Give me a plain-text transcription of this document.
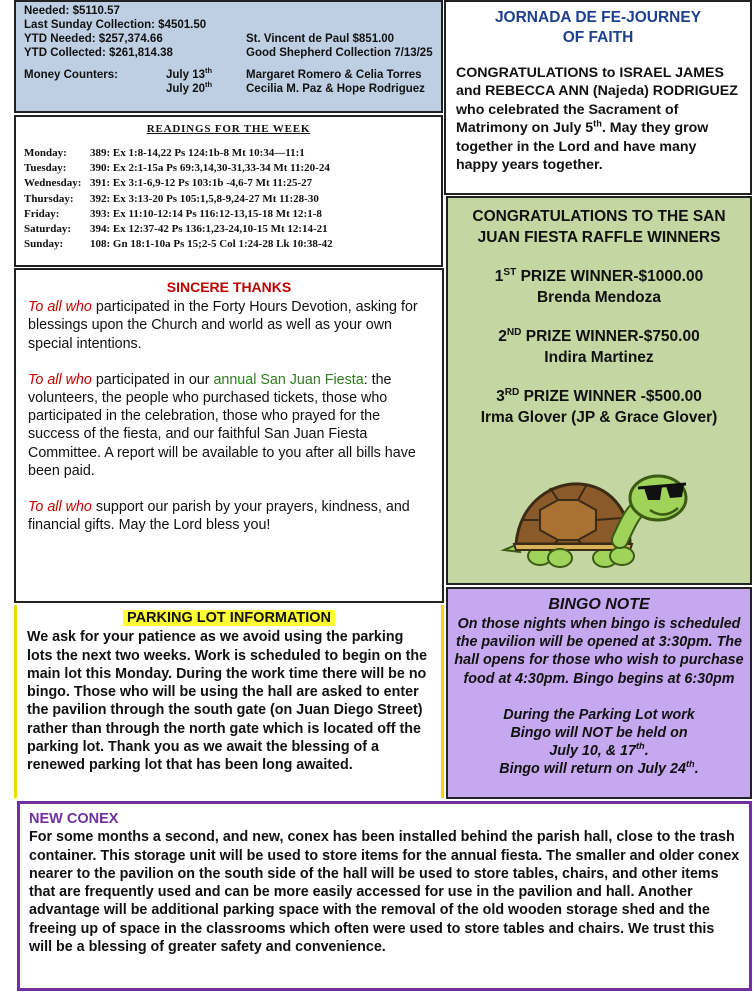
Needed: $5110.57
Last Sunday Collection: $4501.50
YTD Needed: $257,374.66	St. Vincent de Paul $851.00
YTD Collected: $261,814.38	Good Shepherd Collection 7/13/25
Money Counters:	July 13th	Margaret Romero & Celia Torres
July 20th	Cecilia M. Paz & Hope Rodriguez
READINGS FOR THE WEEK
Monday: 389: Ex 1:8-14,22 Ps 124:1b-8 Mt 10:34—11:1
Tuesday: 390: Ex 2:1-15a Ps 69:3,14,30-31,33-34 Mt 11:20-24
Wednesday: 391: Ex 3:1-6,9-12 Ps 103:1b -4,6-7 Mt 11:25-27
Thursday: 392: Ex 3:13-20 Ps 105:1,5,8-9,24-27 Mt 11:28-30
Friday:	393: Ex 11:10-12:14 Ps 116:12-13,15-18 Mt 12:1-8
Saturday: 394: Ex 12:37-42 Ps 136:1,23-24,10-15 Mt 12:14-21
Sunday: 108: Gn 18:1-10a Ps 15;2-5 Col 1:24-28 Lk 10:38-42
SINCERE THANKS
To all who participated in the Forty Hours Devotion, asking for blessings upon the Church and world as well as your own special intentions.
To all who participated in our annual San Juan Fiesta: the volunteers, the people who purchased tickets, those who participated in the celebration, those who prayed for the success of the fiesta, and our faithful San Juan Fiesta Committee. A report will be available to you after all bills have been paid.
To all who support our parish by your prayers, kindness, and financial gifts. May the Lord bless you!
PARKING LOT INFORMATION
We ask for your patience as we avoid using the parking lots the next two weeks. Work is scheduled to begin on the main lot this Monday. During the work time there will be no bingo. Those who will be using the hall are asked to enter the pavilion through the south gate (on Juan Diego Street) rather than through the north gate which is located off the parking lot. Thank you as we await the blessing of a renewed parking lot that has been long awaited.
JORNADA DE FE-JOURNEY
OF FAITH
CONGRATULATIONS to ISRAEL JAMES and REBECCA ANN (Najeda) RODRIGUEZ who celebrated the Sacrament of Matrimony on July 5th. May they grow together in the Lord and have many happy years together.
CONGRATULATIONS TO THE SAN JUAN FIESTA RAFFLE WINNERS
1ST PRIZE WINNER-$1000.00
Brenda Mendoza
2ND PRIZE WINNER-$750.00
Indira Martinez
3RD PRIZE WINNER -$500.00
Irma Glover (JP & Grace Glover)
BINGO NOTE
On those nights when bingo is scheduled the pavilion will be opened at 3:30pm. The hall opens for those who wish to purchase food at 4:30pm. Bingo begins at 6:30pm
During the Parking Lot work
Bingo will NOT be held on
July 10, & 17th.
Bingo will return on July 24th.
NEW CONEX
For some months a second, and new, conex has been installed behind the parish hall, close to the trash container. This storage unit will be used to store items for the annual fiesta. The smaller and older conex nearer to the pavilion on the south side of the hall will be used to store tables, chairs, and other items that are frequently used and can be more easily accessed for use in the pavilion and hall. Another advantage will be additional parking space with the removal of the old wooden storage shed and the freeing up of space in the classrooms which often were used to store tables and chairs. We trust this will be a blessing of greater safety and convenience.
